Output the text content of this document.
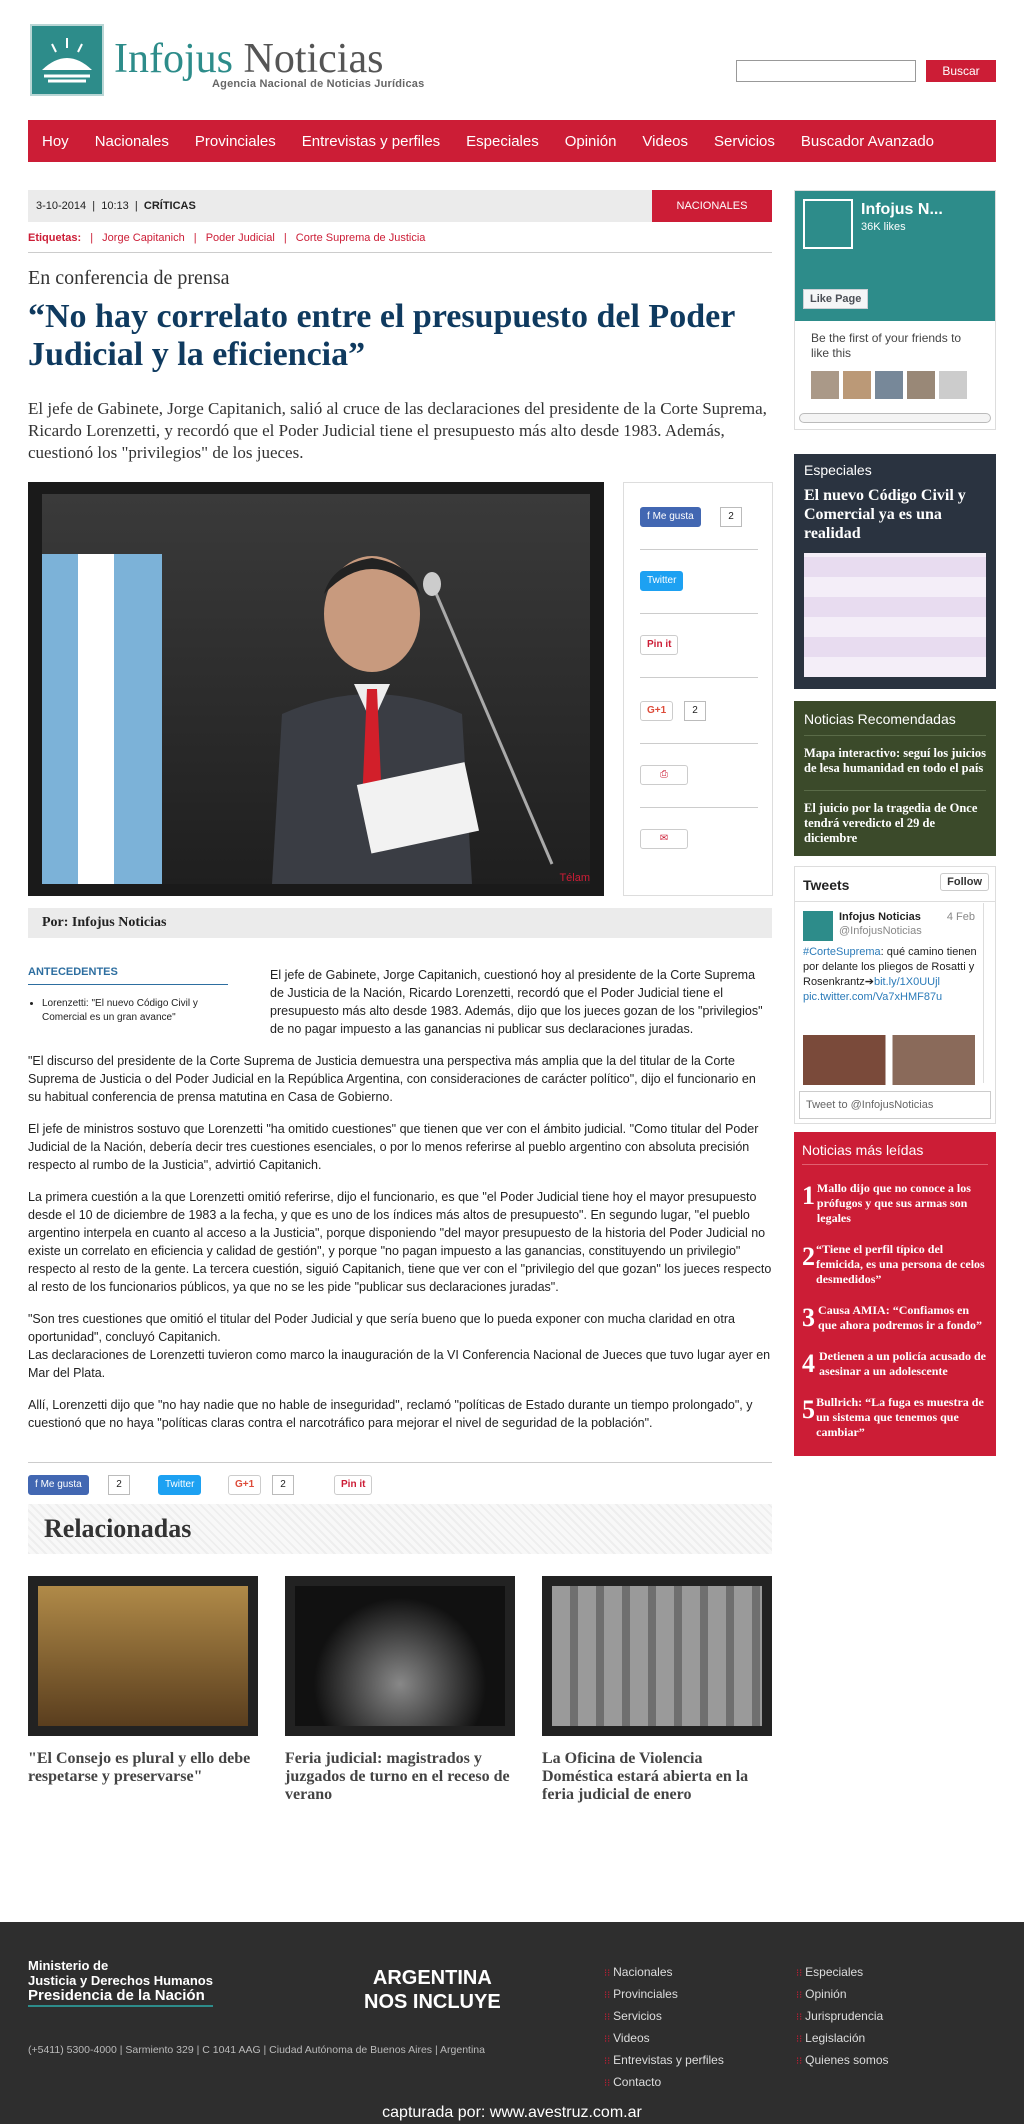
Infojus Noticias
Agencia Nacional de Noticias Jurídicas
Buscar
Hoy Nacionales Provinciales Entrevistas y perfiles Especiales Opinión Videos Servicios Buscador Avanzado
3-10-2014  |  10:13  |  CRÍTICAS	NACIONALES
Etiquetas: | Jorge Capitanich | Poder Judicial | Corte Suprema de Justicia
En conferencia de prensa
“No hay correlato entre el presupuesto del Poder Judicial y la eficiencia”
El jefe de Gabinete, Jorge Capitanich, salió al cruce de las declaraciones del presidente de la Corte Suprema, Ricardo Lorenzetti, y recordó que el Poder Judicial tiene el presupuesto más alto desde 1983. Además, cuestionó los "privilegios" de los jueces.
Télam
f Me gusta	2
Twitter
Pin it
G+1	2
⎙
✉
Por: Infojus Noticias
ANTECEDENTES
• Lorenzetti: "El nuevo Código Civil y Comercial es un gran avance"
El jefe de Gabinete, Jorge Capitanich, cuestionó hoy al presidente de la Corte Suprema de Justicia de la Nación, Ricardo Lorenzetti, recordó que el Poder Judicial tiene el presupuesto más alto desde 1983. Además, dijo que los jueces gozan de los "privilegios" de no pagar impuesto a las ganancias ni publicar sus declaraciones juradas.
"El discurso del presidente de la Corte Suprema de Justicia demuestra una perspectiva más amplia que la del titular de la Corte Suprema de Justicia o del Poder Judicial en la República Argentina, con consideraciones de carácter político", dijo el funcionario en su habitual conferencia de prensa matutina en Casa de Gobierno.
El jefe de ministros sostuvo que Lorenzetti "ha omitido cuestiones" que tienen que ver con el ámbito judicial. "Como titular del Poder Judicial de la Nación, debería decir tres cuestiones esenciales, o por lo menos referirse al pueblo argentino con absoluta precisión respecto al rumbo de la Justicia", advirtió Capitanich.
La primera cuestión a la que Lorenzetti omitió referirse, dijo el funcionario, es que "el Poder Judicial tiene hoy el mayor presupuesto desde el 10 de diciembre de 1983 a la fecha, y que es uno de los índices más altos de presupuesto". En segundo lugar, "el pueblo argentino interpela en cuanto al acceso a la Justicia", porque disponiendo "del mayor presupuesto de la historia del Poder Judicial no existe un correlato en eficiencia y calidad de gestión", y porque "no pagan impuesto a las ganancias, constituyendo un privilegio" respecto al resto de la gente. La tercera cuestión, siguió Capitanich, tiene que ver con el "privilegio del que gozan" los jueces respecto al resto de los funcionarios públicos, ya que no se les pide "publicar sus declaraciones juradas".
"Son tres cuestiones que omitió el titular del Poder Judicial y que sería bueno que lo pueda exponer con mucha claridad en otra oportunidad", concluyó Capitanich.
Las declaraciones de Lorenzetti tuvieron como marco la inauguración de la VI Conferencia Nacional de Jueces que tuvo lugar ayer en Mar del Plata.
Allí, Lorenzetti dijo que "no hay nadie que no hable de inseguridad", reclamó "políticas de Estado durante un tiempo prolongado", y cuestionó que no haya "políticas claras contra el narcotráfico para mejorar el nivel de seguridad de la población".
f Me gusta	2	Twitter	G+1	2	Pin it
Relacionadas
"El Consejo es plural y ello debe respetarse y preservarse"
Feria judicial: magistrados y juzgados de turno en el receso de verano
La Oficina de Violencia Doméstica estará abierta en la feria judicial de enero
Infojus N...
36K likes
Like Page
Be the first of your friends to like this
Especiales
El nuevo Código Civil y Comercial ya es una realidad
Noticias Recomendadas
Mapa interactivo: seguí los juicios de lesa humanidad en todo el país
El juicio por la tragedia de Once tendrá veredicto el 29 de diciembre
Tweets	Follow
Infojus Noticias
@InfojusNoticias
4 Feb
#CorteSuprema: qué camino tienen por delante los pliegos de Rosatti y Rosenkrantz➔bit.ly/1X0UUjl pic.twitter.com/Va7xHMF87u
Tweet to @InfojusNoticias
Noticias más leídas
1 Mallo dijo que no conoce a los prófugos y que sus armas son legales
2 “Tiene el perfil típico del femicida, es una persona de celos desmedidos”
3 Causa AMIA: “Confiamos en que ahora podremos ir a fondo”
4 Detienen a un policía acusado de asesinar a un adolescente
5 Bullrich: “La fuga es muestra de un sistema que tenemos que cambiar”
Ministerio de
Justicia y Derechos Humanos
Presidencia de la Nación
ARGENTINA
NOS INCLUYE
(+5411) 5300-4000 | Sarmiento 329 | C 1041 AAG | Ciudad Autónoma de Buenos Aires | Argentina
⁝⁝ Nacionales
⁝⁝ Provinciales
⁝⁝ Servicios
⁝⁝ Videos
⁝⁝ Entrevistas y perfiles
⁝⁝ Contacto
⁝⁝ Especiales
⁝⁝ Opinión
⁝⁝ Jurisprudencia
⁝⁝ Legislación
⁝⁝ Quienes somos
capturada por: www.avestruz.com.ar
